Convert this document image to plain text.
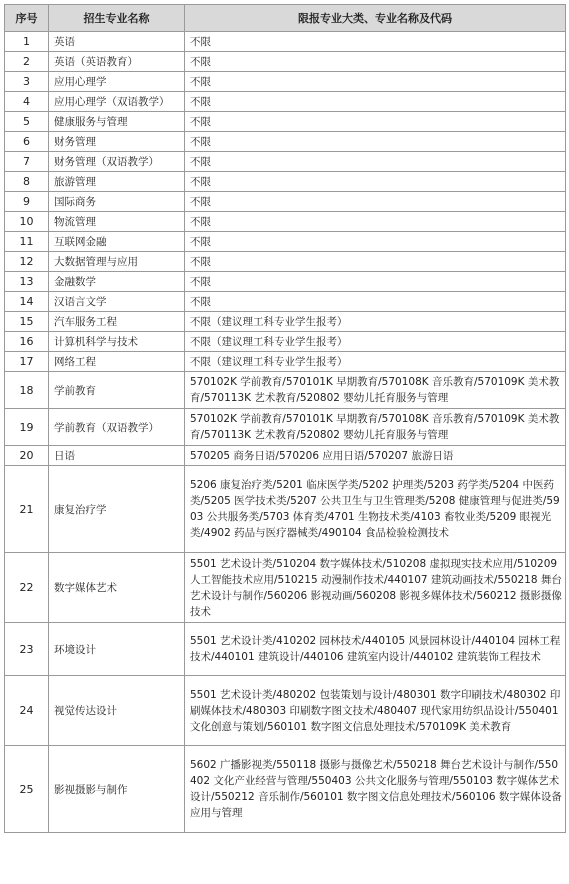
序号	招生专业名称	限报专业大类、专业名称及代码
1	英语	不限
2	英语（英语教育）	不限
3	应用心理学	不限
4	应用心理学（双语教学）	不限
5	健康服务与管理	不限
6	财务管理	不限
7	财务管理（双语教学）	不限
8	旅游管理	不限
9	国际商务	不限
10	物流管理	不限
11	互联网金融	不限
12	大数据管理与应用	不限
13	金融数学	不限
14	汉语言文学	不限
15	汽车服务工程	不限（建议理工科专业学生报考）
16	计算机科学与技术	不限（建议理工科专业学生报考）
17	网络工程	不限（建议理工科专业学生报考）
18	学前教育	570102K 学前教育/570101K 早期教育/570108K 音乐教育/570109K 美术教育/570113K 艺术教育/520802 婴幼儿托育服务与管理
19	学前教育（双语教学）	570102K 学前教育/570101K 早期教育/570108K 音乐教育/570109K 美术教育/570113K 艺术教育/520802 婴幼儿托育服务与管理
20	日语	570205 商务日语/570206 应用日语/570207 旅游日语
21	康复治疗学	5206 康复治疗类/5201 临床医学类/5202 护理类/5203 药学类/5204 中医药类/5205 医学技术类/5207 公共卫生与卫生管理类/5208 健康管理与促进类/5903 公共服务类/5703 体育类/4701 生物技术类/4103 畜牧业类/5209 眼视光类/4902 药品与医疗器械类/490104 食品检验检测技术
22	数字媒体艺术	5501 艺术设计类/510204 数字媒体技术/510208 虚拟现实技术应用/510209 人工智能技术应用/510215 动漫制作技术/440107 建筑动画技术/550218 舞台艺术设计与制作/560206 影视动画/560208 影视多媒体技术/560212 摄影摄像技术
23	环境设计	5501 艺术设计类/410202 园林技术/440105 风景园林设计/440104 园林工程技术/440101 建筑设计/440106 建筑室内设计/440102 建筑装饰工程技术
24	视觉传达设计	5501 艺术设计类/480202 包装策划与设计/480301 数字印刷技术/480302 印刷媒体技术/480303 印刷数字图文技术/480407 现代家用纺织品设计/550401 文化创意与策划/560101 数字图文信息处理技术/570109K 美术教育
25	影视摄影与制作	5602 广播影视类/550118 摄影与摄像艺术/550218 舞台艺术设计与制作/550402 文化产业经营与管理/550403 公共文化服务与管理/550103 数字媒体艺术设计/550212 音乐制作/560101 数字图文信息处理技术/560106 数字媒体设备应用与管理
